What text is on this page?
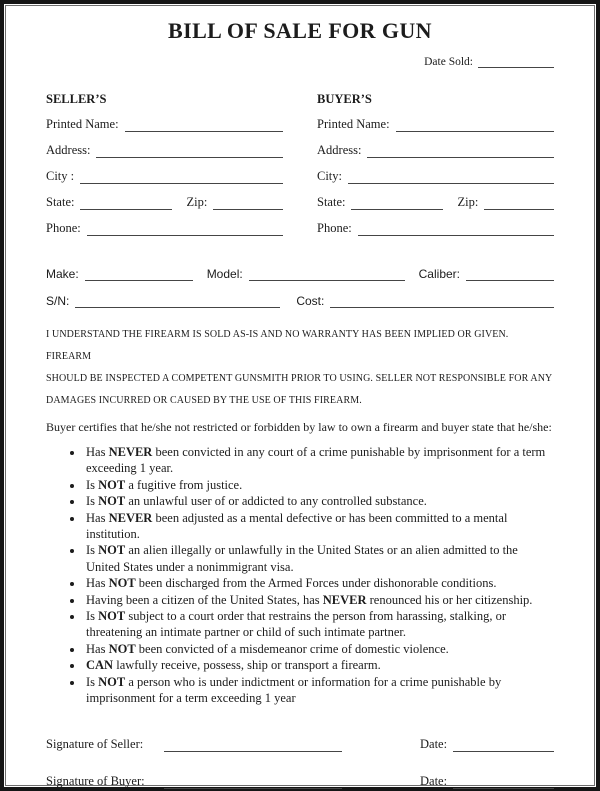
BILL OF SALE FOR GUN
Date Sold:
SELLER’S
Printed Name:
Address:
City :
State:	Zip:
Phone:
BUYER’S
Printed Name:
Address:
City:
State:	Zip:
Phone:
Make:	Model:	Caliber:
S/N:	Cost:
I UNDERSTAND THE FIREARM IS SOLD AS-IS AND NO WARRANTY HAS BEEN IMPLIED OR GIVEN. FIREARM
SHOULD BE INSPECTED A COMPETENT GUNSMITH PRIOR TO USING. SELLER NOT RESPONSIBLE FOR ANY
DAMAGES INCURRED OR CAUSED BY THE USE OF THIS FIREARM.

Buyer certifies that he/she not restricted or forbidden by law to own a firearm and buyer state that he/she:

• Has NEVER been convicted in any court of a crime punishable by imprisonment for a term exceeding 1 year.
• Is NOT a fugitive from justice.
• Is NOT an unlawful user of or addicted to any controlled substance.
• Has NEVER been adjusted as a mental defective or has been committed to a mental institution.
• Is NOT an alien illegally or unlawfully in the United States or an alien admitted to the United States under a nonimmigrant visa.
• Has NOT been discharged from the Armed Forces under dishonorable conditions.
• Having been a citizen of the United States, has NEVER renounced his or her citizenship.
• Is NOT subject to a court order that restrains the person from harassing, stalking, or threatening an intimate partner or child of such intimate partner.
• Has NOT been convicted of a misdemeanor crime of domestic violence.
• CAN lawfully receive, possess, ship or transport a firearm.
• Is NOT a person who is under indictment or information for a crime punishable by imprisonment for a term exceeding 1 year
Signature of Seller:	Date:
Signature of Buyer:	Date:
